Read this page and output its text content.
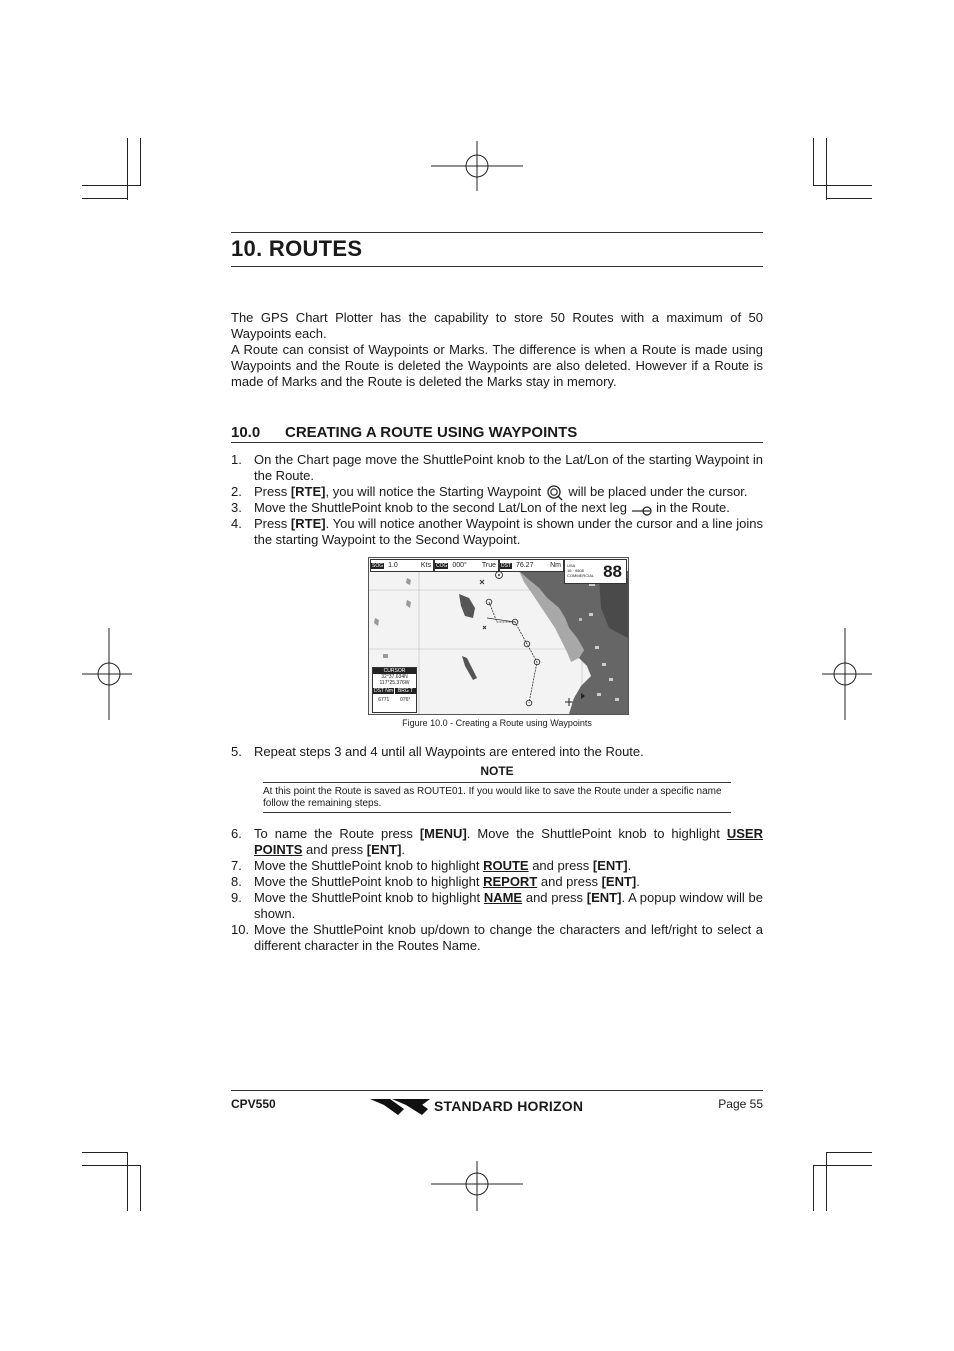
10. ROUTES
The GPS Chart Plotter has the capability to store 50 Routes with a maximum of 50 Waypoints each.
A Route can consist of Waypoints or Marks. The difference is when a Route is made using Waypoints and the Route is deleted the Waypoints are also deleted. However if a Route is made of Marks and the Route is deleted the Marks stay in memory.
10.0 CREATING A ROUTE USING WAYPOINTS
1. On the Chart page move the ShuttlePoint knob to the Lat/Lon of the starting Waypoint in the Route.
2. Press [RTE], you will notice the Starting Waypoint  will be placed under the cursor.
3. Move the ShuttlePoint knob to the second Lat/Lon of the next leg  in the Route.
4. Press [RTE]. You will notice another Waypoint is shown under the cursor and a line joins the starting Waypoint to the Second Waypoint.
SOG 1.0	Kts	COG 000° True	DST 76.27 Nm USA
16 · 9808
COMMERCIAL 88
CURSOR
32°37.634N
117°25.376W
DST Nm BRG T
6771	076°
Figure 10.0 - Creating a Route using Waypoints
5. Repeat steps 3 and 4 until all Waypoints are entered into the Route.
NOTE
At this point the Route is saved as ROUTE01. If you would like to save the Route under a specific name follow the remaining steps.
6. To name the Route press [MENU]. Move the ShuttlePoint knob to highlight USER POINTS and press [ENT].
7. Move the ShuttlePoint knob to highlight ROUTE and press [ENT].
8. Move the ShuttlePoint knob to highlight REPORT and press [ENT].
9. Move the ShuttlePoint knob to highlight NAME and press [ENT]. A popup window will be shown.
10. Move the ShuttlePoint knob up/down to change the characters and left/right to select a different character in the Routes Name.
CPV550	STANDARD HORIZON	Page 55
